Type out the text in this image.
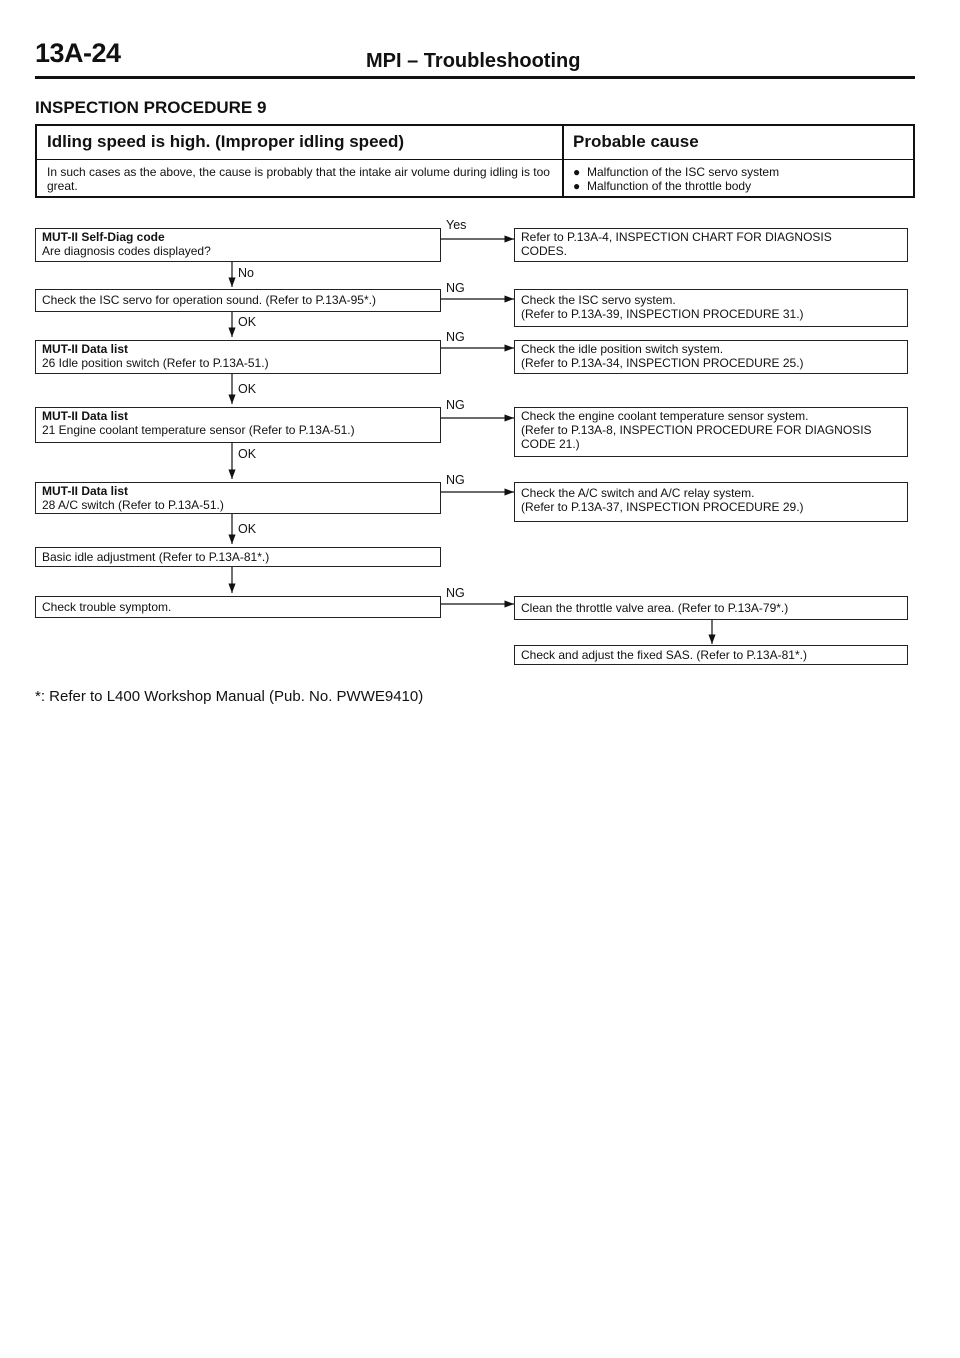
13A-24	MPI – Troubleshooting
INSPECTION PROCEDURE 9
Idling speed is high. (Improper idling speed)	Probable cause
In such cases as the above, the cause is probably that the intake air volume during idling is too great.
● Malfunction of the ISC servo system
● Malfunction of the throttle body
MUT-II Self-Diag code
Are diagnosis codes displayed?
Check the ISC servo for operation sound. (Refer to P.13A-95*.)
MUT-II Data list
26 Idle position switch (Refer to P.13A-51.)
MUT-II Data list
21 Engine coolant temperature sensor (Refer to P.13A-51.)
MUT-II Data list
28 A/C switch (Refer to P.13A-51.)
Basic idle adjustment (Refer to P.13A-81*.)
Check trouble symptom.
Refer to P.13A-4, INSPECTION CHART FOR DIAGNOSIS
CODES.
Check the ISC servo system.
(Refer to P.13A-39, INSPECTION PROCEDURE 31.)
Check the idle position switch system.
(Refer to P.13A-34, INSPECTION PROCEDURE 25.)
Check the engine coolant temperature sensor system.
(Refer to P.13A-8, INSPECTION PROCEDURE FOR DIAGNOSIS
CODE 21.)
Check the A/C switch and A/C relay system.
(Refer to P.13A-37, INSPECTION PROCEDURE 29.)
Clean the throttle valve area. (Refer to P.13A-79*.)
Check and adjust the fixed SAS. (Refer to P.13A-81*.)
Yes
No
NG
OK
NG
OK
NG
OK
NG
OK
NG
*: Refer to L400 Workshop Manual (Pub. No. PWWE9410)
